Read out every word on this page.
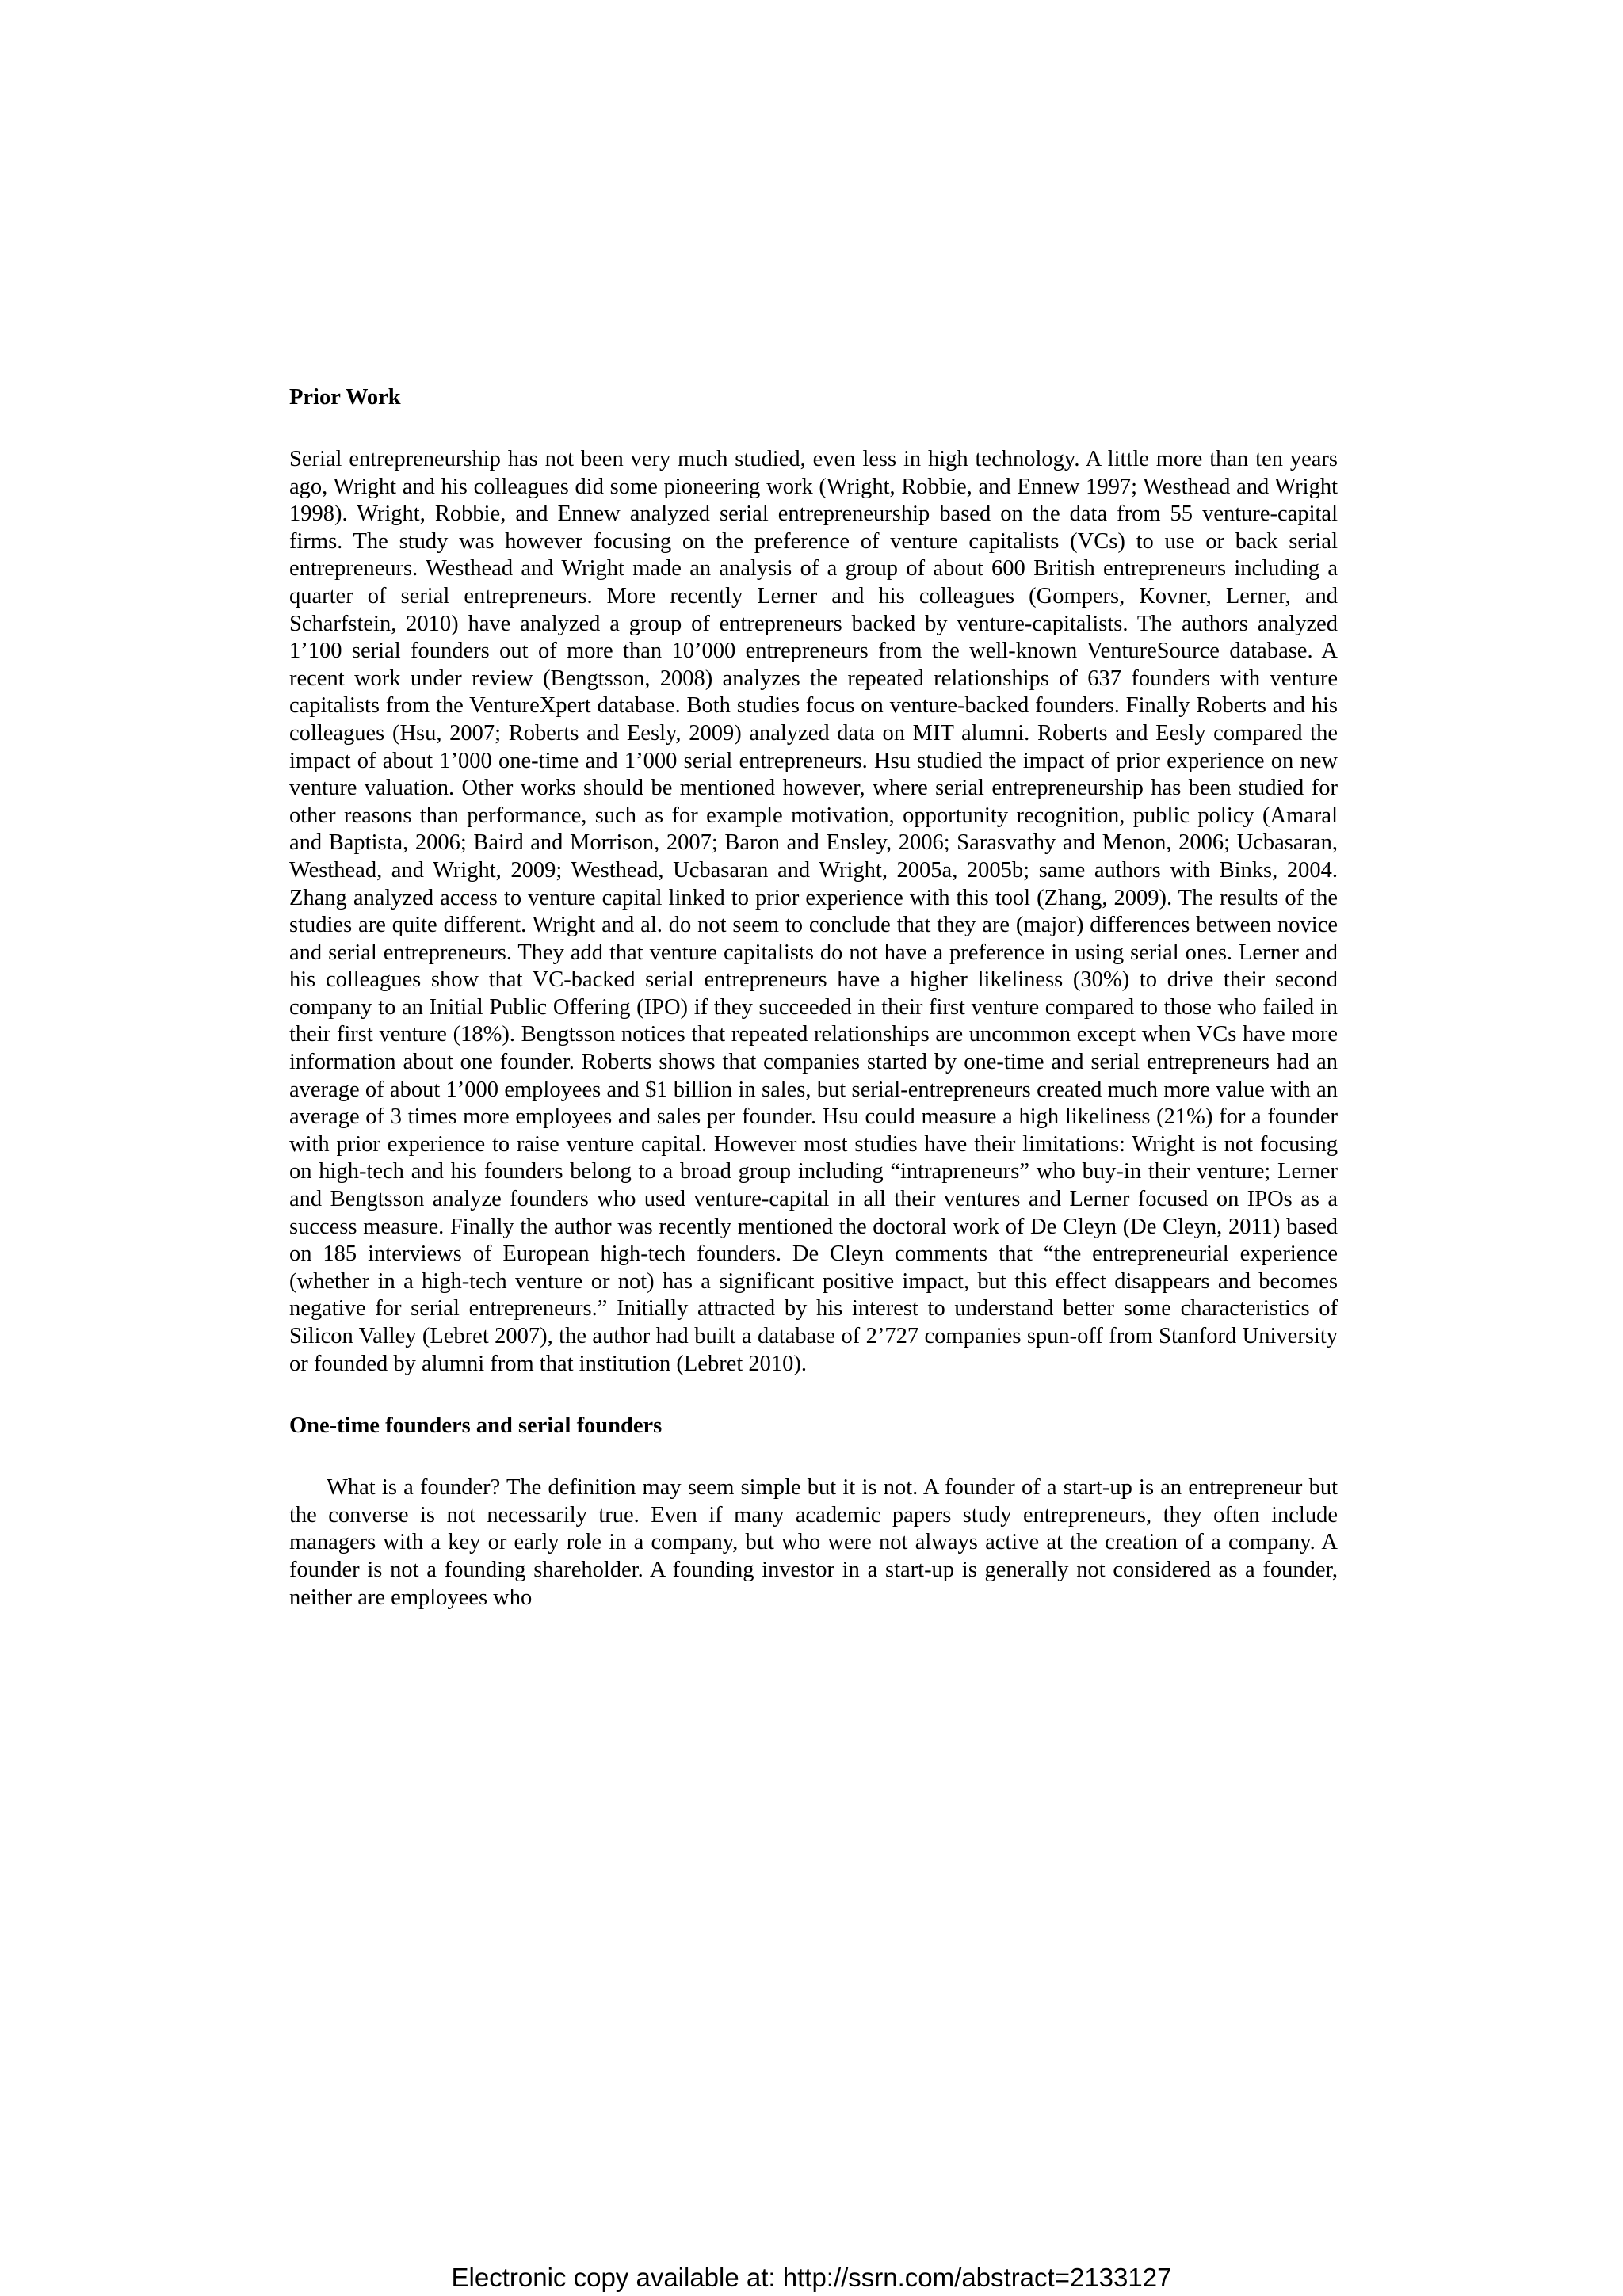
Prior Work

Serial entrepreneurship has not been very much studied, even less in high technology. A little more than ten years ago, Wright and his colleagues did some pioneering work (Wright, Robbie, and Ennew 1997; Westhead and Wright 1998). Wright, Robbie, and Ennew analyzed serial entrepreneurship based on the data from 55 venture-capital firms. The study was however focusing on the preference of venture capitalists (VCs) to use or back serial entrepreneurs. Westhead and Wright made an analysis of a group of about 600 British entrepreneurs including a quarter of serial entrepreneurs. More recently Lerner and his colleagues (Gompers, Kovner, Lerner, and Scharfstein, 2010) have analyzed a group of entrepreneurs backed by venture-capitalists. The authors analyzed 1’100 serial founders out of more than 10’000 entrepreneurs from the well-known VentureSource database. A recent work under review (Bengtsson, 2008) analyzes the repeated relationships of 637 founders with venture capitalists from the VentureXpert database. Both studies focus on venture-backed founders. Finally Roberts and his colleagues (Hsu, 2007; Roberts and Eesly, 2009) analyzed data on MIT alumni. Roberts and Eesly compared the impact of about 1’000 one-time and 1’000 serial entrepreneurs. Hsu studied the impact of prior experience on new venture valuation. Other works should be mentioned however, where serial entrepreneurship has been studied for other reasons than performance, such as for example motivation, opportunity recognition, public policy (Amaral and Baptista, 2006; Baird and Morrison, 2007; Baron and Ensley, 2006; Sarasvathy and Menon, 2006; Ucbasaran, Westhead, and Wright, 2009; Westhead, Ucbasaran and Wright, 2005a, 2005b; same authors with Binks, 2004. Zhang analyzed access to venture capital linked to prior experience with this tool (Zhang, 2009). The results of the studies are quite different. Wright and al. do not seem to conclude that they are (major) differences between novice and serial entrepreneurs. They add that venture capitalists do not have a preference in using serial ones. Lerner and his colleagues show that VC-backed serial entrepreneurs have a higher likeliness (30%) to drive their second company to an Initial Public Offering (IPO) if they succeeded in their first venture compared to those who failed in their first venture (18%). Bengtsson notices that repeated relationships are uncommon except when VCs have more information about one founder. Roberts shows that companies started by one-time and serial entrepreneurs had an average of about 1’000 employees and $1 billion in sales, but serial-entrepreneurs created much more value with an average of 3 times more employees and sales per founder. Hsu could measure a high likeliness (21%) for a founder with prior experience to raise venture capital. However most studies have their limitations: Wright is not focusing on high-tech and his founders belong to a broad group including “intrapreneurs” who buy-in their venture; Lerner and Bengtsson analyze founders who used venture-capital in all their ventures and Lerner focused on IPOs as a success measure. Finally the author was recently mentioned the doctoral work of De Cleyn (De Cleyn, 2011) based on 185 interviews of European high-tech founders. De Cleyn comments that “the entrepreneurial experience (whether in a high-tech venture or not) has a significant positive impact, but this effect disappears and becomes negative for serial entrepreneurs.” Initially attracted by his interest to understand better some characteristics of Silicon Valley (Lebret 2007), the author had built a database of 2’727 companies spun-off from Stanford University or founded by alumni from that institution (Lebret 2010).

One-time founders and serial founders

What is a founder? The definition may seem simple but it is not. A founder of a start-up is an entrepreneur but the converse is not necessarily true. Even if many academic papers study entrepreneurs, they often include managers with a key or early role in a company, but who were not always active at the creation of a company. A founder is not a founding shareholder. A founding investor in a start-up is generally not considered as a founder, neither are employees who

Electronic copy available at: http://ssrn.com/abstract=2133127
